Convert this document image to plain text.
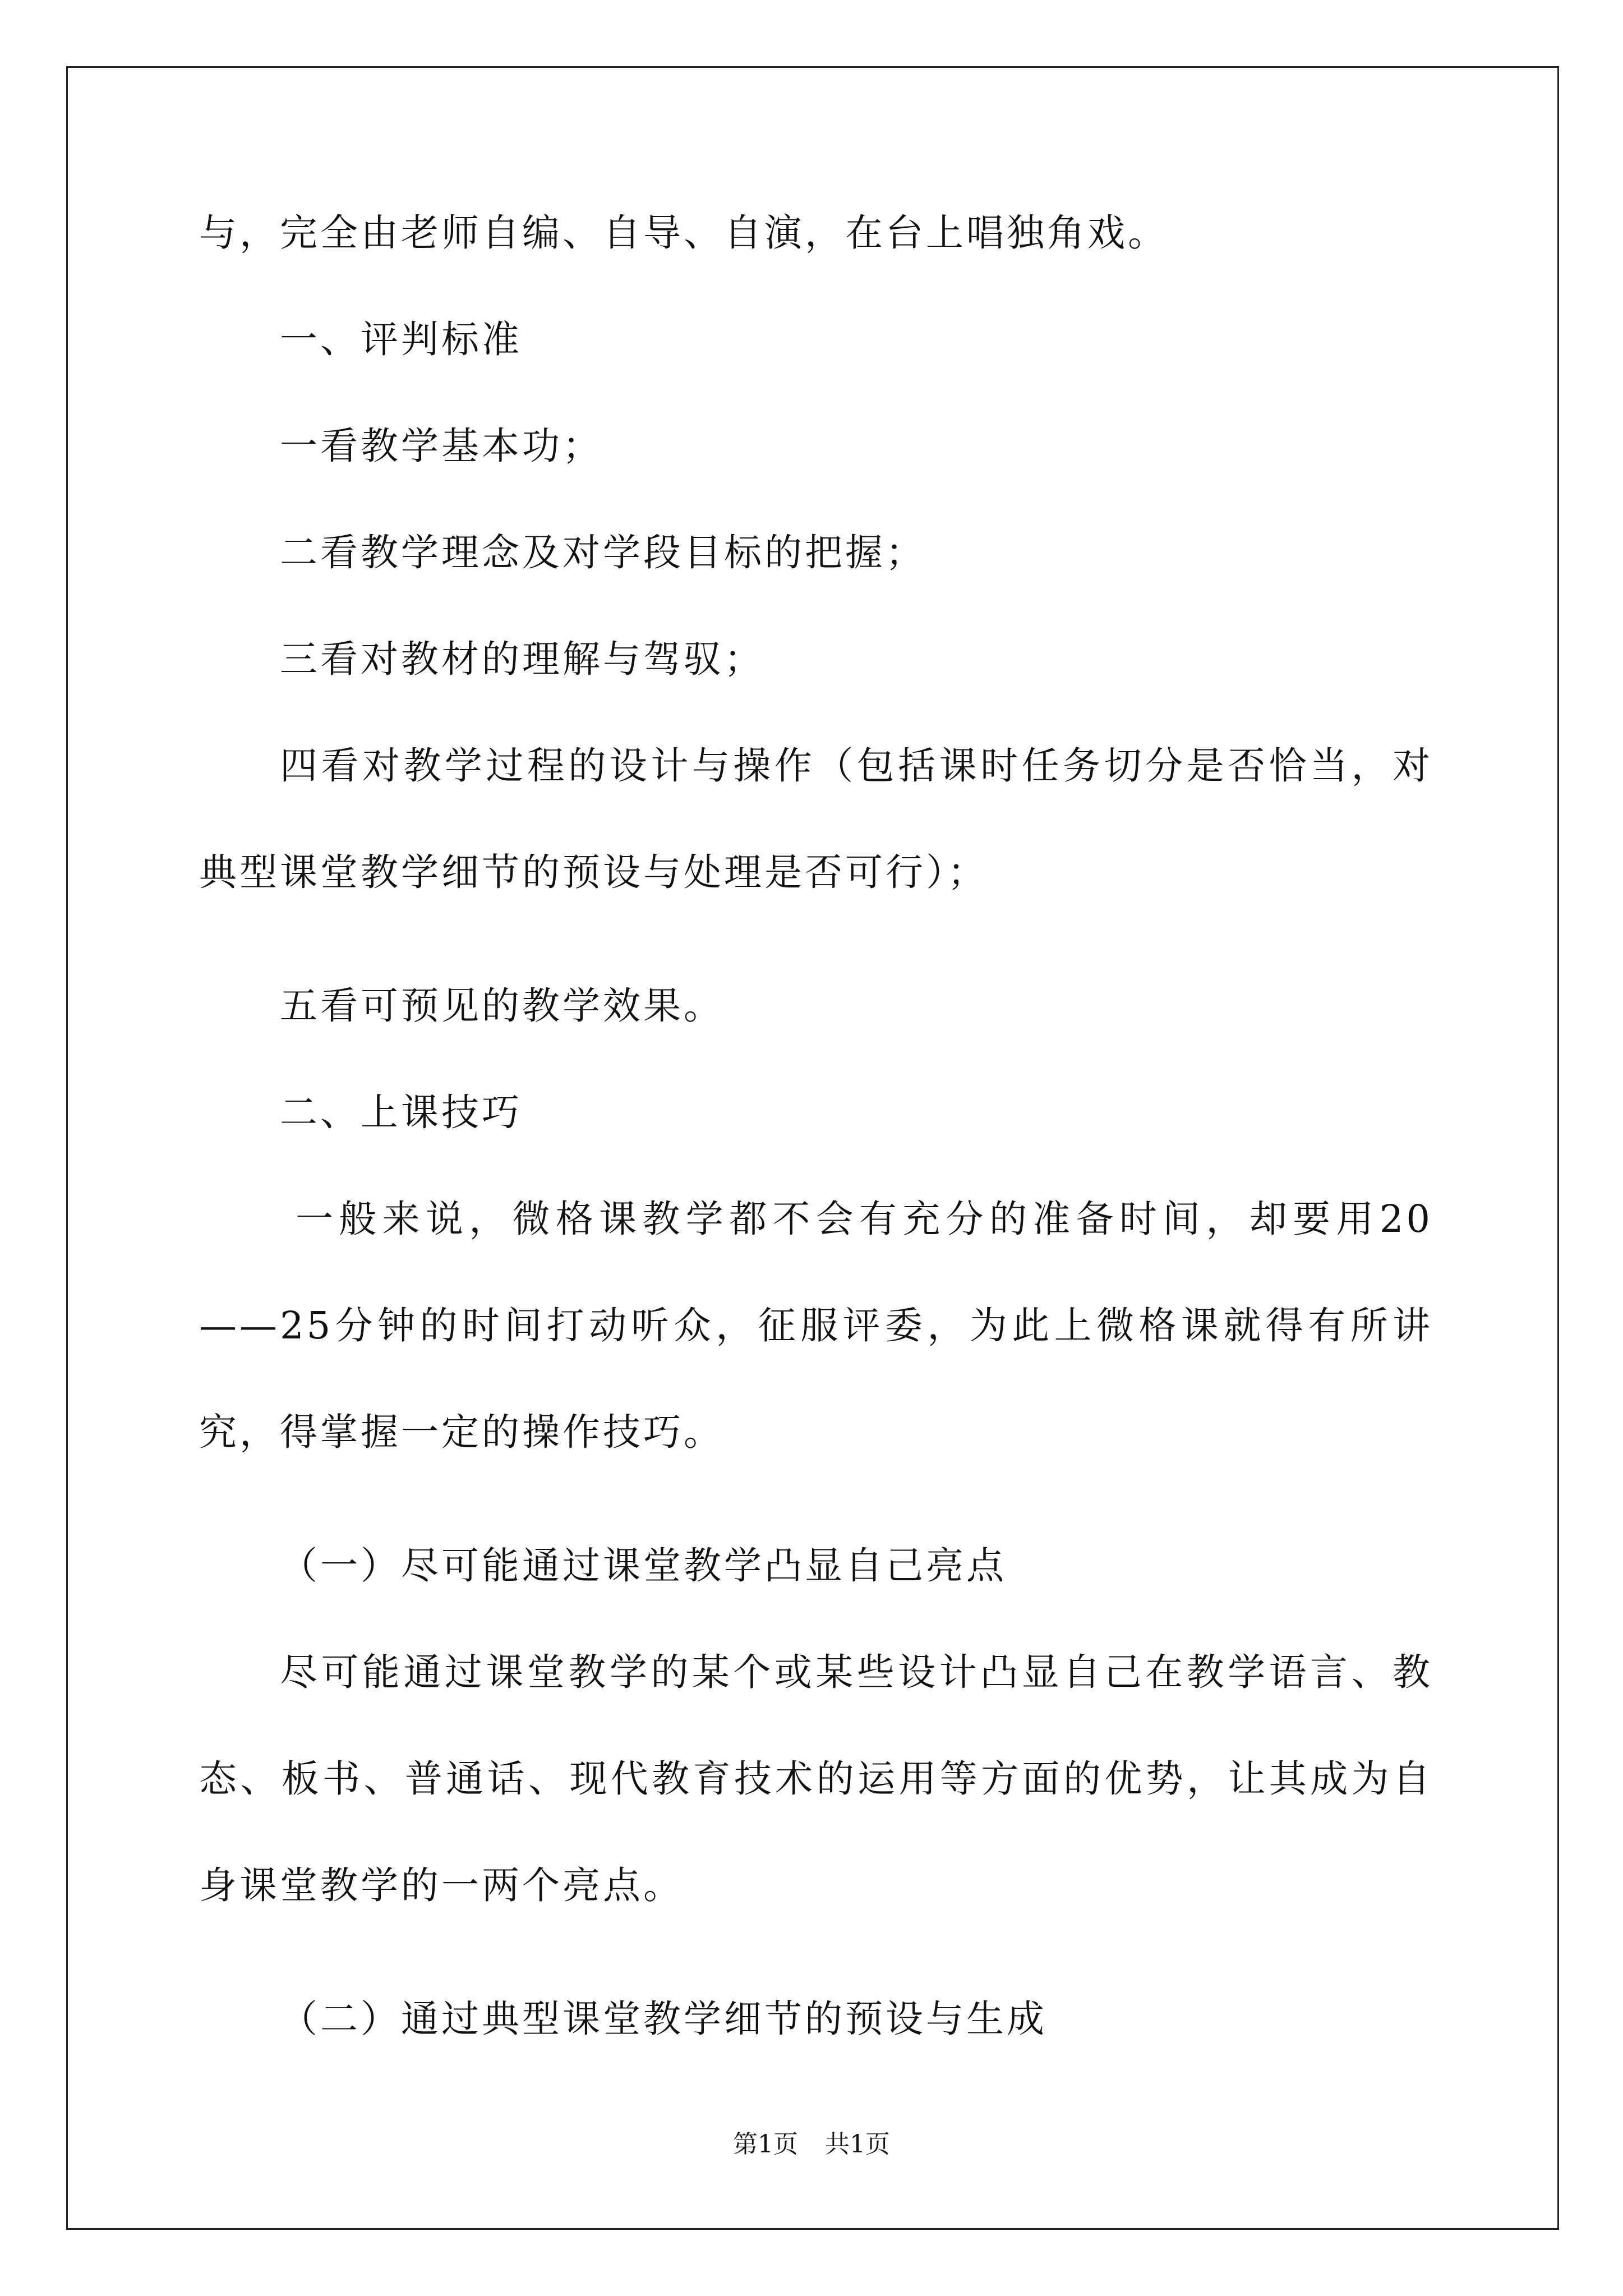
与，完全由老师自编、自导、自演，在台上唱独角戏。

一、评判标准

一看教学基本功；

二看教学理念及对学段目标的把握；

三看对教材的理解与驾驭；

四看对教学过程的设计与操作（包括课时任务切分是否恰当，对典型课堂教学细节的预设与处理是否可行）；

五看可预见的教学效果。

二、上课技巧

一般来说，微格课教学都不会有充分的准备时间，却要用20——25分钟的时间打动听众，征服评委，为此上微格课就得有所讲究，得掌握一定的操作技巧。

（一）尽可能通过课堂教学凸显自己亮点

尽可能通过课堂教学的某个或某些设计凸显自己在教学语言、教态、板书、普通话、现代教育技术的运用等方面的优势，让其成为自身课堂教学的一两个亮点。

（二）通过典型课堂教学细节的预设与生成

第1页 共1页
